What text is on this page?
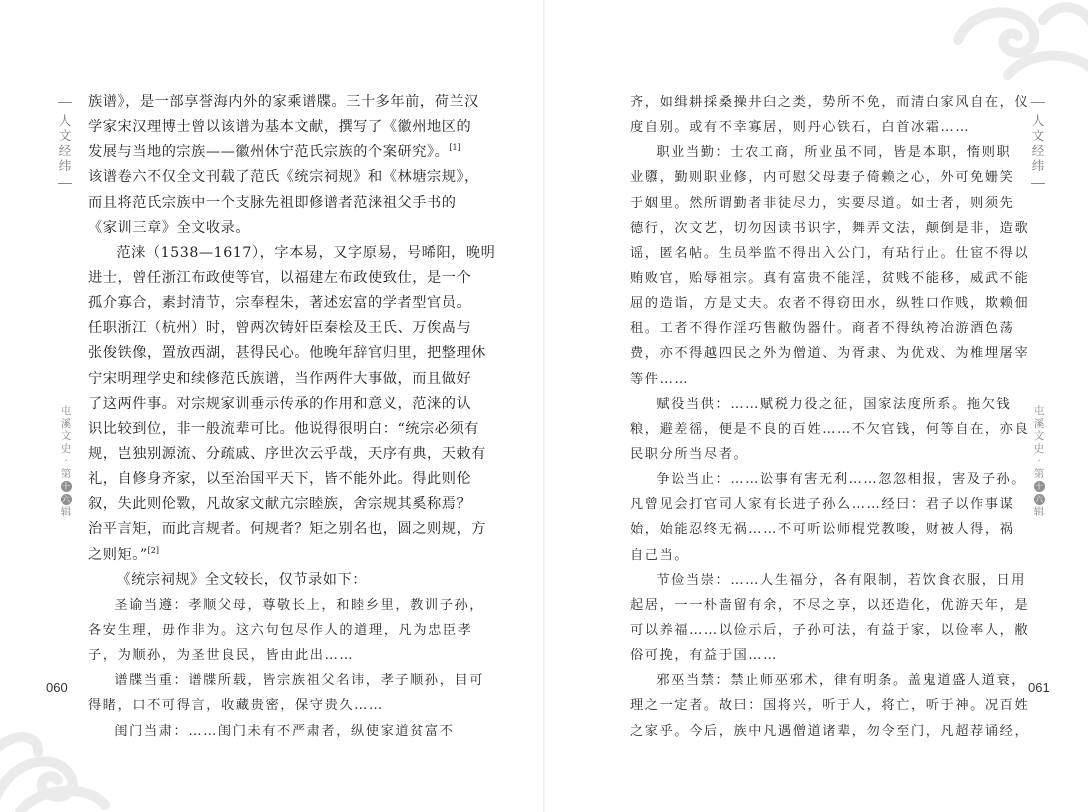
人
文
经
纬
屯
溪
文
史
·
第
十
六
辑
族谱》，是一部享誉海内外的家乘谱牒。三十多年前，荷兰汉
学家宋汉理博士曾以该谱为基本文献，撰写了《徽州地区的
发展与当地的宗族——徽州休宁范氏宗族的个案研究》。[1]
该谱卷六不仅全文刊载了范氏《统宗祠规》和《林塘宗规》，
而且将范氏宗族中一个支脉先祖即修谱者范涞祖父手书的
《家训三章》全文收录。
范涞（1538—1617），字本易，又字原易，号晞阳，晚明
进士，曾任浙江布政使等官，以福建左布政使致仕，是一个
孤介寡合，素封清节，宗奉程朱，著述宏富的学者型官员。
任职浙江（杭州）时，曾两次铸奸臣秦桧及王氏、万俟卨与
张俊铁像，置放西湖，甚得民心。他晚年辞官归里，把整理休
宁宋明理学史和续修范氏族谱，当作两件大事做，而且做好
了这两件事。对宗规家训垂示传承的作用和意义，范涞的认
识比较到位，非一般流辈可比。他说得很明白：“统宗必须有
规，岂独别源流、分疏戚、序世次云乎哉，天序有典，天敕有
礼，自修身齐家，以至治国平天下，皆不能外此。得此则伦
叙，失此则伦斁，凡故家文献亢宗睦族，舍宗规其奚称焉？
治平言矩，而此言规者。何规者？矩之别名也，圆之则规，方
之则矩。”[2]
《统宗祠规》全文较长，仅节录如下：
圣谕当遵：孝顺父母，尊敬长上，和睦乡里，教训子孙，
各安生理，毋作非为。这六句包尽作人的道理，凡为忠臣孝
子，为顺孙，为圣世良民，皆由此出……
谱牒当重：谱牒所载，皆宗族祖父名讳，孝子顺孙，目可
得睹，口不可得言，收藏贵密，保守贵久……
闺门当肃：……闺门未有不严肃者，纵使家道贫富不
060
人
文
经
纬
屯
溪
文
史
·
第
十
六
辑
齐，如缉耕採桑操井臼之类，势所不免，而清白家风自在，仪
度自别。或有不幸寡居，则丹心铁石，白首冰霜……
职业当勤：士农工商，所业虽不同，皆是本职，惰则职
业隳，勤则职业修，内可慰父母妻子倚赖之心，外可免姗笑
于姻里。然所谓勤者非徒尽力，实要尽道。如士者，则须先
德行，次文艺，切勿因读书识字，舞弄文法，颠倒是非，造歌
谣，匿名帖。生员举监不得出入公门，有玷行止。仕宦不得以
贿败官，贻辱祖宗。真有富贵不能淫，贫贱不能移，威武不能
屈的造诣，方是丈夫。农者不得窃田水，纵牲口作贱，欺赖佃
租。工者不得作淫巧售敝伪器什。商者不得纨袴冶游酒色荡
费，亦不得越四民之外为僧道、为胥隶、为优戏、为椎埋屠宰
等件……
赋役当供：……赋税力役之征，国家法度所系。拖欠钱
粮，避差徭，便是不良的百姓……不欠官钱，何等自在，亦良
民职分所当尽者。
争讼当止：……讼事有害无利……忽忽相报，害及子孙。
凡曾见会打官司人家有长进子孙么……经曰：君子以作事谋
始，始能忍终无祸……不可听讼师棍党教唆，财被人得，祸
自己当。
节俭当崇：……人生福分，各有限制，若饮食衣服，日用
起居，一一朴啬留有余，不尽之享，以还造化，优游天年，是
可以养福……以俭示后，子孙可法，有益于家，以俭率人，敝
俗可挽，有益于国……
邪巫当禁：禁止师巫邪术，律有明条。盖鬼道盛人道衰，
理之一定者。故曰：国将兴，听于人，将亡，听于神。况百姓
之家乎。今后，族中凡遇僧道诸辈，勿令至门，凡超荐诵经，
061
